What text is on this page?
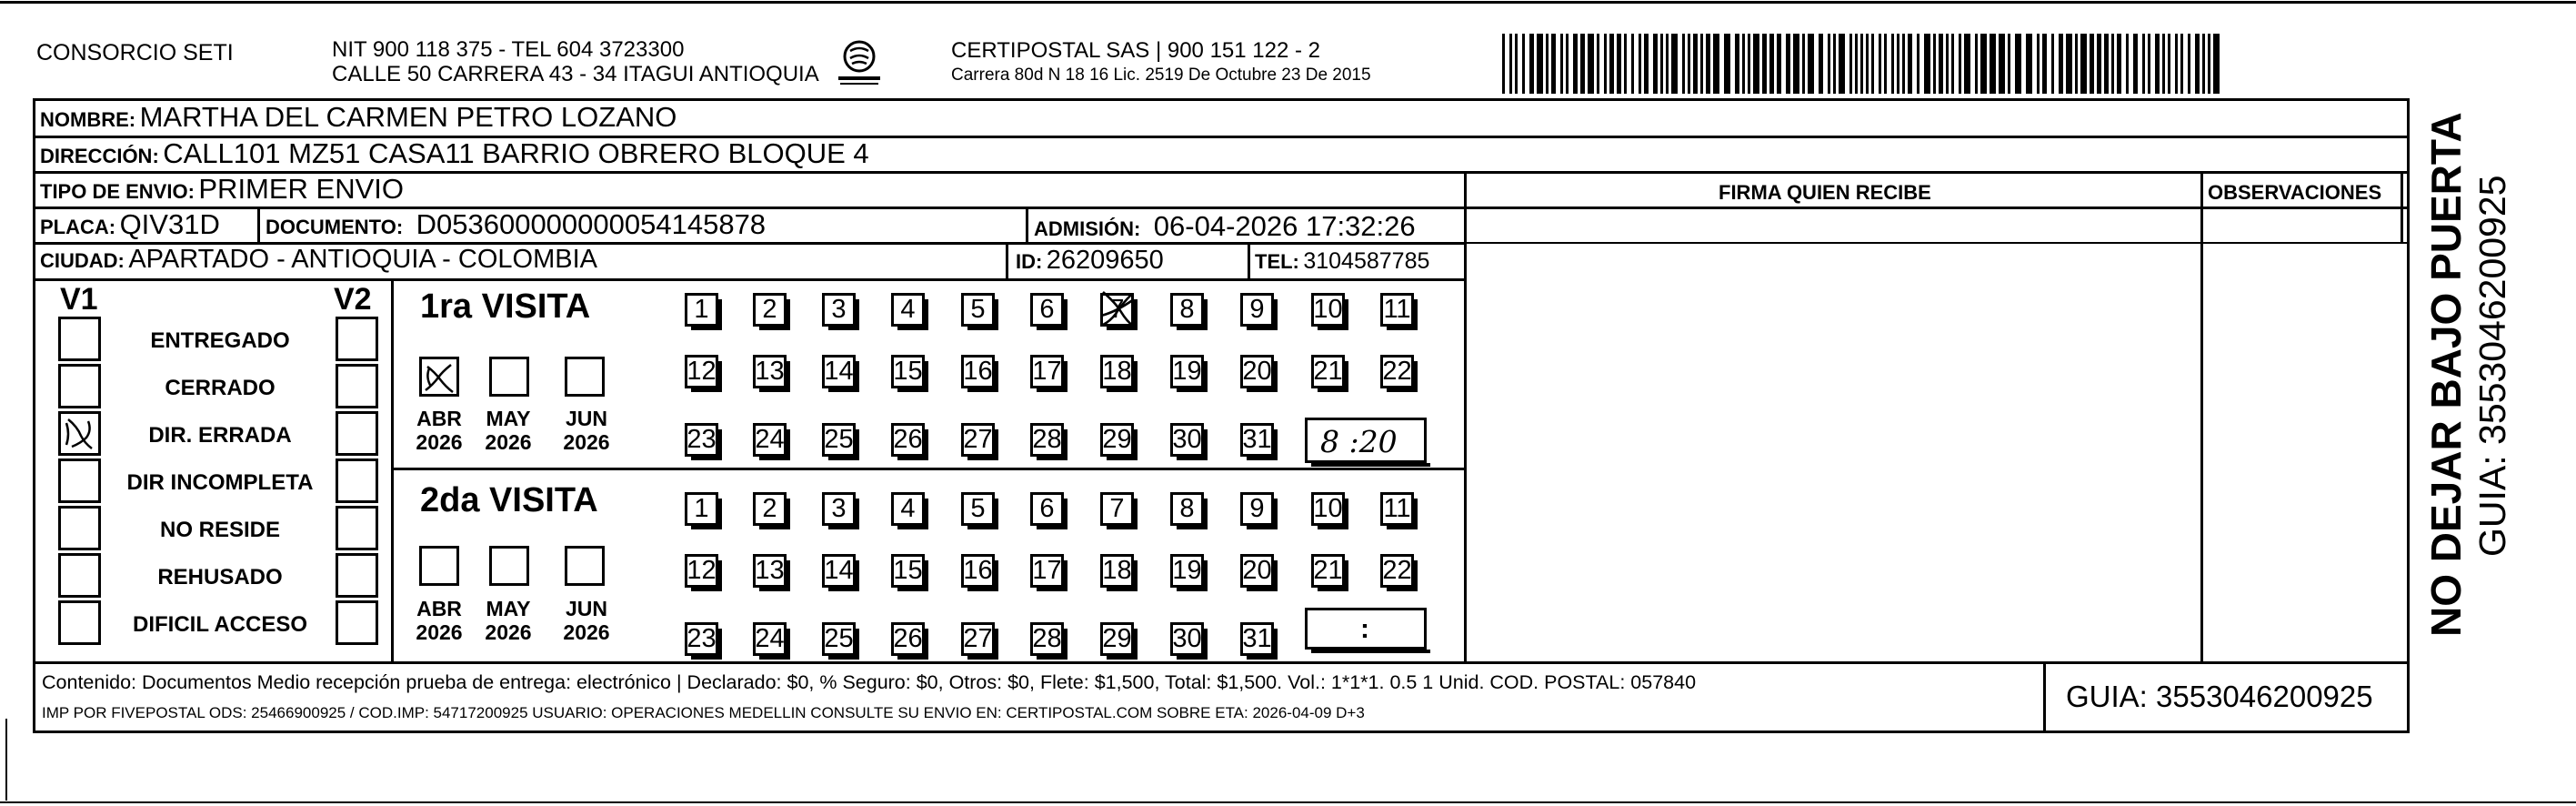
CONSORCIO SETI	NIT 900 118 375 - TEL 604 3723300
CALLE 50 CARRERA 43 - 34 ITAGUI ANTIOQUIA
CERTIPOSTAL SAS | 900 151 122 - 2
Carrera 80d N 18 16 Lic. 2519 De Octubre 23 De 2015
NOMBRE: MARTHA DEL CARMEN PETRO LOZANO
DIRECCIÓN: CALL101 MZ51 CASA11 BARRIO OBRERO BLOQUE 4
TIPO DE ENVIO: PRIMER ENVIO	FIRMA QUIEN RECIBE	OBSERVACIONES
PLACA: QIV31D DOCUMENTO: D053600000000054145878	ADMISIÓN: 06-04-2026 17:32:26
CIUDAD: APARTADO - ANTIOQUIA - COLOMBIA	ID: 26209650	TEL: 3104587785
V1	V2
ENTREGADO
CERRADO
DIR. ERRADA
DIR INCOMPLETA
NO RESIDE
REHUSADO
DIFICIL ACCESO
1ra VISITA
ABR
2026
MAY
2026
JUN
2026
1 2 3 4 5 6 7 8 9 10 11
12 13 14 15 16 17 18 19 20 21 22
23 24 25 26 27 28 29 30 31 8 :20
2da VISITA
ABR
2026
MAY
2026
JUN
2026
1 2 3 4 5 6 7 8 9 10 11
12 13 14 15 16 17 18 19 20 21 22
23 24 25 26 27 28 29 30 31	:
Contenido: Documentos Medio recepción prueba de entrega: electrónico | Declarado: $0, % Seguro: $0, Otros: $0, Flete: $1,500, Total: $1,500. Vol.: 1*1*1. 0.5 1 Unid. COD. POSTAL: 057840
IMP POR FIVEPOSTAL ODS: 25466900925 / COD.IMP: 54717200925 USUARIO: OPERACIONES MEDELLIN CONSULTE SU ENVIO EN: CERTIPOSTAL.COM SOBRE ETA: 2026-04-09 D+3	GUIA: 3553046200925
NO DEJAR BAJO PUERTA GUIA: 3553046200925
